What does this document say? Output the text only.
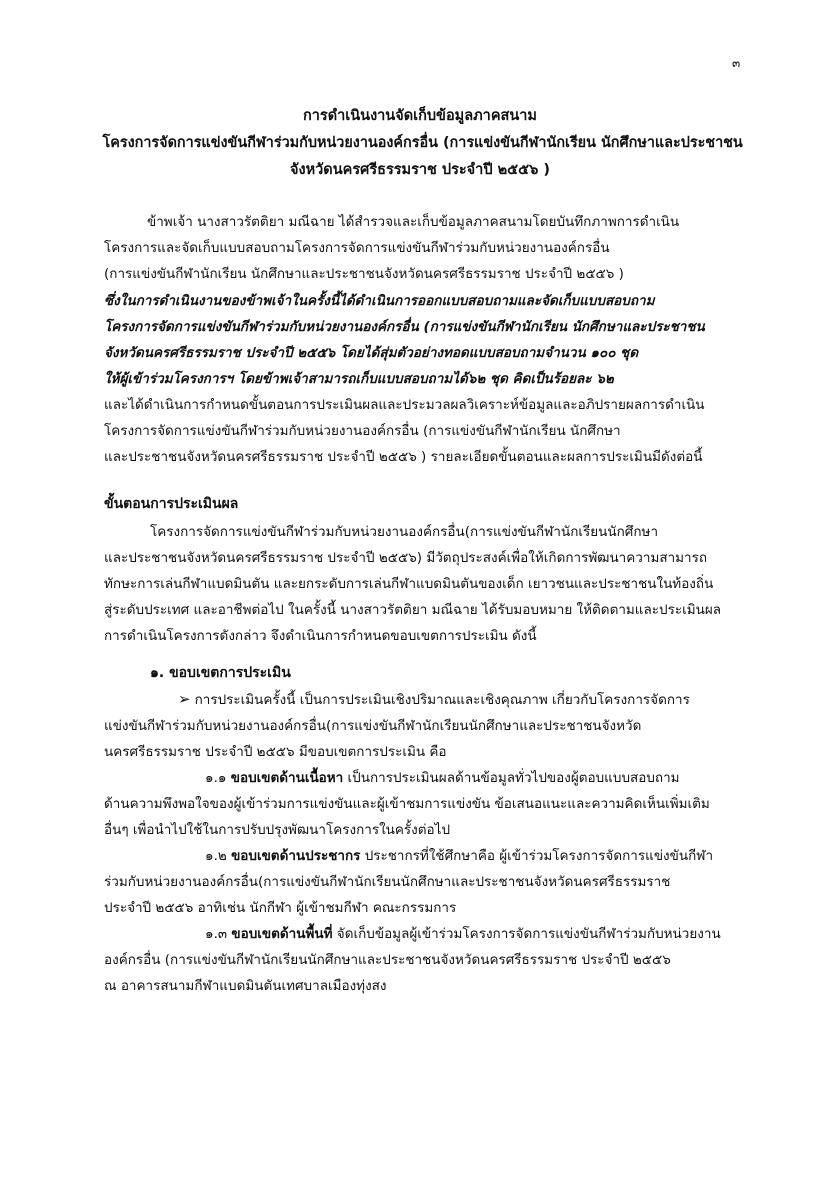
๓
การดำเนินงานจัดเก็บข้อมูลภาคสนาม
โครงการจัดการแข่งขันกีฬาร่วมกับหน่วยงานองค์กรอื่น (การแข่งขันกีฬานักเรียน นักศึกษาและประชาชน
จังหวัดนครศรีธรรมราช ประจำปี ๒๕๕๖ )
ข้าพเจ้า นางสาวรัตติยา มณีฉาย ได้สำรวจและเก็บข้อมูลภาคสนามโดยบันทึกภาพการดำเนิน
โครงการและจัดเก็บแบบสอบถามโครงการจัดการแข่งขันกีฬาร่วมกับหน่วยงานองค์กรอื่น
(การแข่งขันกีฬานักเรียน นักศึกษาและประชาชนจังหวัดนครศรีธรรมราช ประจำปี ๒๕๕๖ )
ซึ่งในการดำเนินงานของข้าพเจ้าในครั้งนี้ได้ดำเนินการออกแบบสอบถามและจัดเก็บแบบสอบถาม
โครงการจัดการแข่งขันกีฬาร่วมกับหน่วยงานองค์กรอื่น (การแข่งขันกีฬานักเรียน นักศึกษาและประชาชน
จังหวัดนครศรีธรรมราช ประจำปี ๒๕๕๖ โดยได้สุ่มตัวอย่างทอดแบบสอบถามจำนวน ๑๐๐ ชุด
ให้ผู้เข้าร่วมโครงการฯ โดยข้าพเจ้าสามารถเก็บแบบสอบถามได้๖๒ ชุด คิดเป็นร้อยละ ๖๒
และได้ดำเนินการกำหนดขั้นตอนการประเมินผลและประมวลผลวิเคราะห์ข้อมูลและอภิปรายผลการดำเนิน
โครงการจัดการแข่งขันกีฬาร่วมกับหน่วยงานองค์กรอื่น (การแข่งขันกีฬานักเรียน นักศึกษา
และประชาชนจังหวัดนครศรีธรรมราช ประจำปี ๒๕๕๖ ) รายละเอียดขั้นตอนและผลการประเมินมีดังต่อนี้
ขั้นตอนการประเมินผล
โครงการจัดการแข่งขันกีฬาร่วมกับหน่วยงานองค์กรอื่น(การแข่งขันกีฬานักเรียนนักศึกษา
และประชาชนจังหวัดนครศรีธรรมราช ประจำปี ๒๕๕๖) มีวัตถุประสงค์เพื่อให้เกิดการพัฒนาความสามารถ
ทักษะการเล่นกีฬาแบดมินตัน และยกระดับการเล่นกีฬาแบดมินตันของเด็ก เยาวชนและประชาชนในท้องถิ่น
สู่ระดับประเทศ และอาชีพต่อไป ในครั้งนี้ นางสาวรัตติยา มณีฉาย ได้รับมอบหมาย ให้ติดตามและประเมินผล
การดำเนินโครงการดังกล่าว จึงดำเนินการกำหนดขอบเขตการประเมิน ดังนี้
๑. ขอบเขตการประเมิน
➢ การประเมินครั้งนี้ เป็นการประเมินเชิงปริมาณและเชิงคุณภาพ เกี่ยวกับโครงการจัดการ
แข่งขันกีฬาร่วมกับหน่วยงานองค์กรอื่น(การแข่งขันกีฬานักเรียนนักศึกษาและประชาชนจังหวัด
นครศรีธรรมราช ประจำปี ๒๕๕๖ มีขอบเขตการประเมิน คือ
๑.๑ ขอบเขตด้านเนื้อหา เป็นการประเมินผลด้านข้อมูลทั่วไปของผู้ตอบแบบสอบถาม
ด้านความพึงพอใจของผู้เข้าร่วมการแข่งขันและผู้เข้าชมการแข่งขัน ข้อเสนอแนะและความคิดเห็นเพิ่มเติม
อื่นๆ เพื่อนำไปใช้ในการปรับปรุงพัฒนาโครงการในครั้งต่อไป
๑.๒ ขอบเขตด้านประชากร ประชากรที่ใช้ศึกษาคือ ผู้เข้าร่วมโครงการจัดการแข่งขันกีฬา
ร่วมกับหน่วยงานองค์กรอื่น(การแข่งขันกีฬานักเรียนนักศึกษาและประชาชนจังหวัดนครศรีธรรมราช
ประจำปี ๒๕๕๖ อาทิเช่น นักกีฬา ผู้เข้าชมกีฬา คณะกรรมการ
๑.๓ ขอบเขตด้านพื้นที่ จัดเก็บข้อมูลผู้เข้าร่วมโครงการจัดการแข่งขันกีฬาร่วมกับหน่วยงาน
องค์กรอื่น (การแข่งขันกีฬานักเรียนนักศึกษาและประชาชนจังหวัดนครศรีธรรมราช ประจำปี ๒๕๕๖
ณ อาคารสนามกีฬาแบดมินตันเทศบาลเมืองทุ่งสง
